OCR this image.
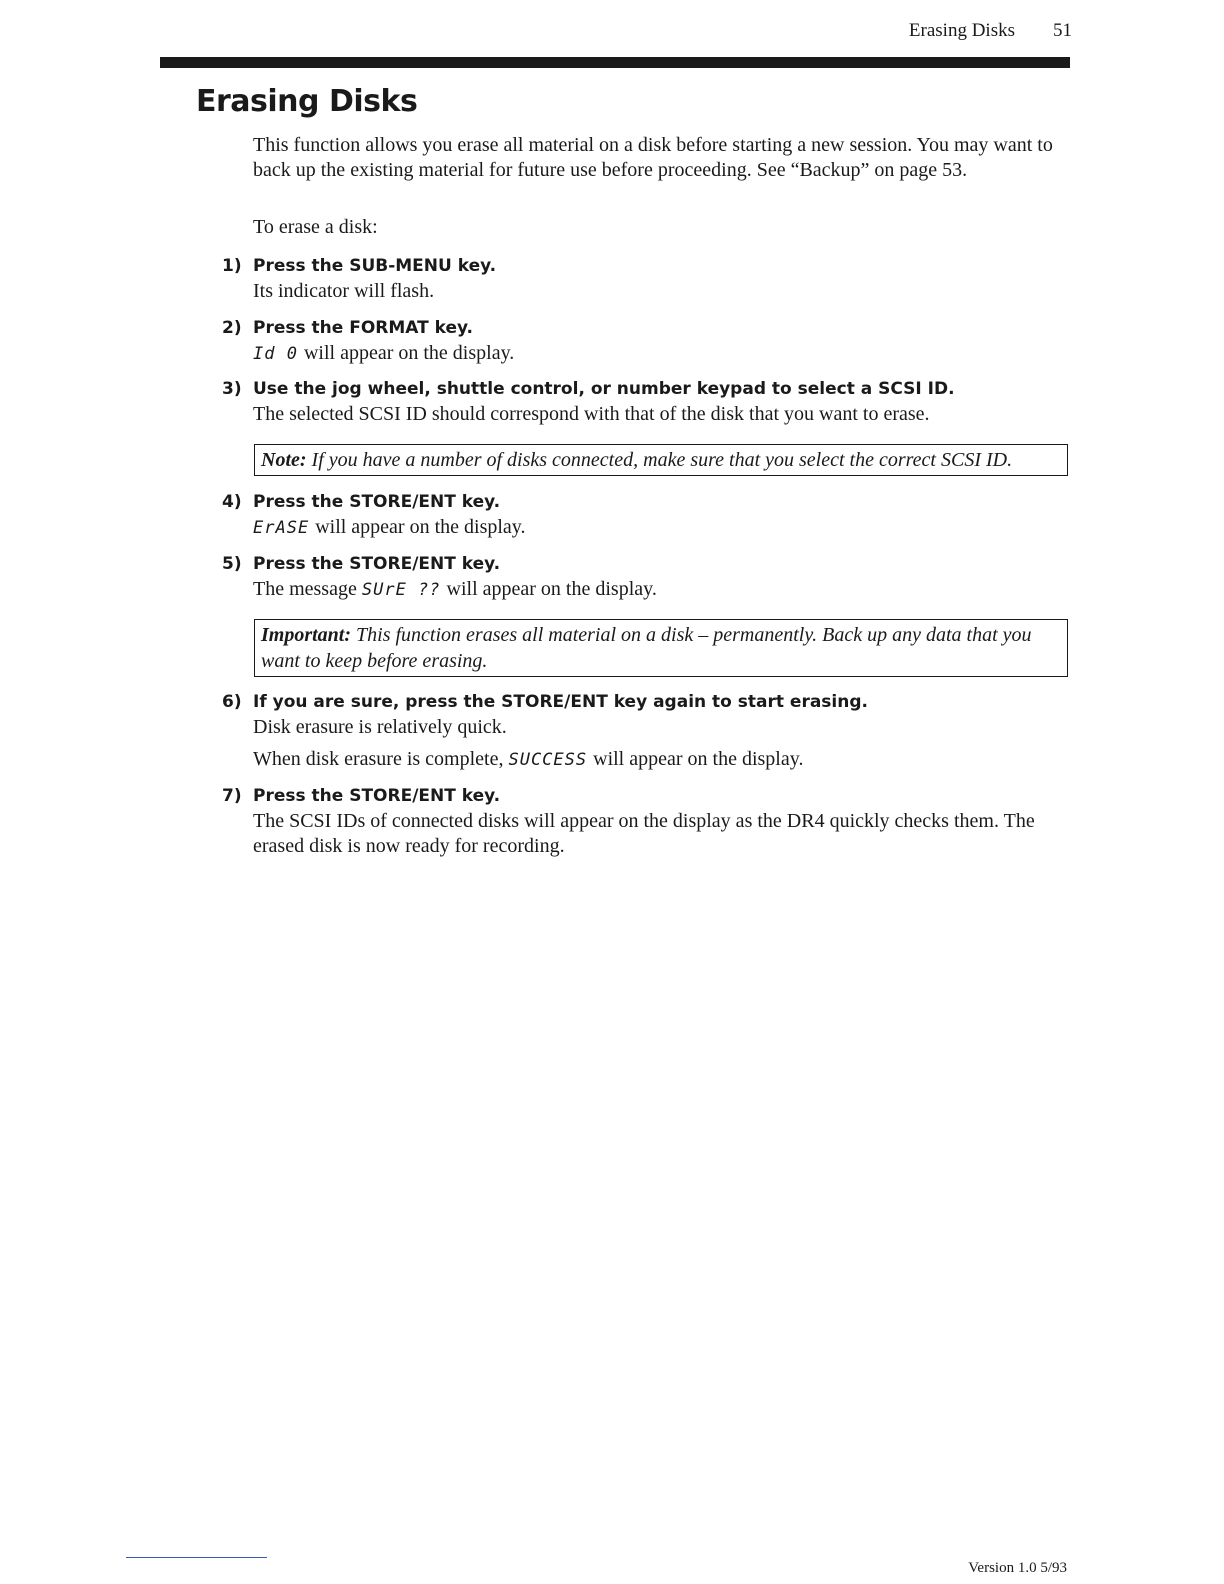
Erasing Disks 51
Erasing Disks
This function allows you erase all material on a disk before starting a new session. You may want to back up the existing material for future use before proceeding. See “Backup” on page 53.
To erase a disk:
1) Press the SUB-MENU key.

Its indicator will flash.

2) Press the FORMAT key.

Id 0 will appear on the display.

3) Use the jog wheel, shuttle control, or number keypad to select a SCSI ID.

The selected SCSI ID should correspond with that of the disk that you want to erase.

Note: If you have a number of disks connected, make sure that you select the correct SCSI ID.
4) Press the STORE/ENT key.

ErASE will appear on the display.

5) Press the STORE/ENT key.

The message SUrE ?? will appear on the display.

Important: This function erases all material on a disk – permanently. Back up any data that you want to keep before erasing.
6) If you are sure, press the STORE/ENT key again to start erasing.

Disk erasure is relatively quick.

When disk erasure is complete, SUCCESS will appear on the display.

7) Press the STORE/ENT key.

The SCSI IDs of connected disks will appear on the display as the DR4 quickly checks them. The erased disk is now ready for recording.

Version 1.0 5/93
